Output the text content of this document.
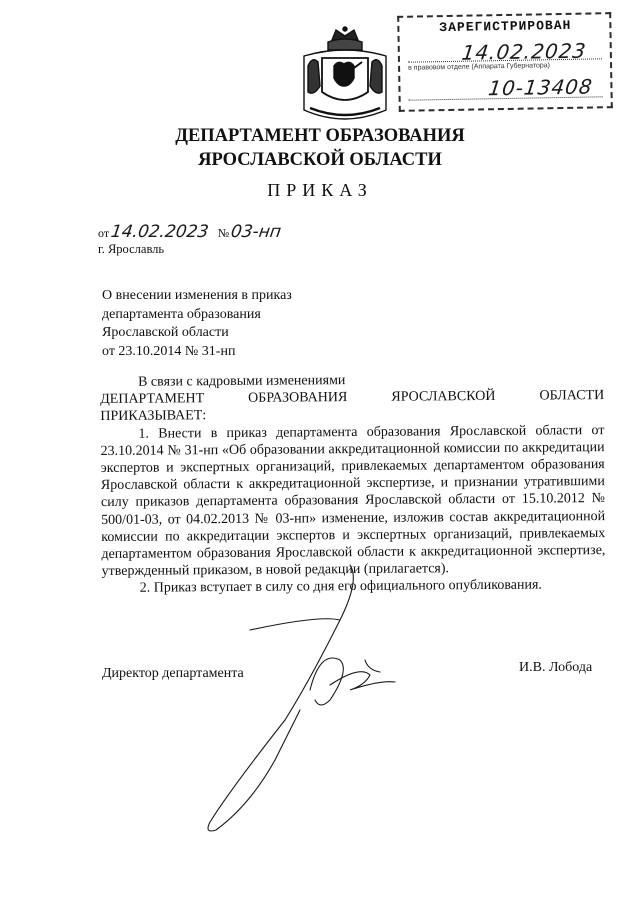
ЗАРЕГИСТРИРОВАН
14.02.2023
в правовом отделе (Аппарата Губернатора)
10-13408
ДЕПАРТАМЕНТ ОБРАЗОВАНИЯ
ЯРОСЛАВСКОЙ ОБЛАСТИ
ПРИКАЗ
от14.02.2023 №03-нп
г. Ярославль
О внесении изменения в приказ
департамента образования
Ярославской области
от 23.10.2014 № 31-нп

В связи с кадровыми изменениями

ДЕПАРТАМЕНТ	ОБРАЗОВАНИЯ	ЯРОСЛАВСКОЙ	ОБЛАСТИ

ПРИКАЗЫВАЕТ:

1. Внести в приказ департамента образования Ярославской области от 23.10.2014 № 31-нп «Об образовании аккредитационной комиссии по аккредитации экспертов и экспертных организаций, привлекаемых департаментом образования Ярославской области к аккредитационной экспертизе, и признании утратившими силу приказов департамента образования Ярославской области от 15.10.2012 № 500/01-03, от 04.02.2013 № 03-нп» изменение, изложив состав аккредитационной комиссии по аккредитации экспертов и экспертных организаций, привлекаемых департаментом образования Ярославской области к аккредитационной экспертизе, утвержденный приказом, в новой редакции (прилагается).

2. Приказ вступает в силу со дня его официального опубликования.

Директор департамента	И.В. Лобода
